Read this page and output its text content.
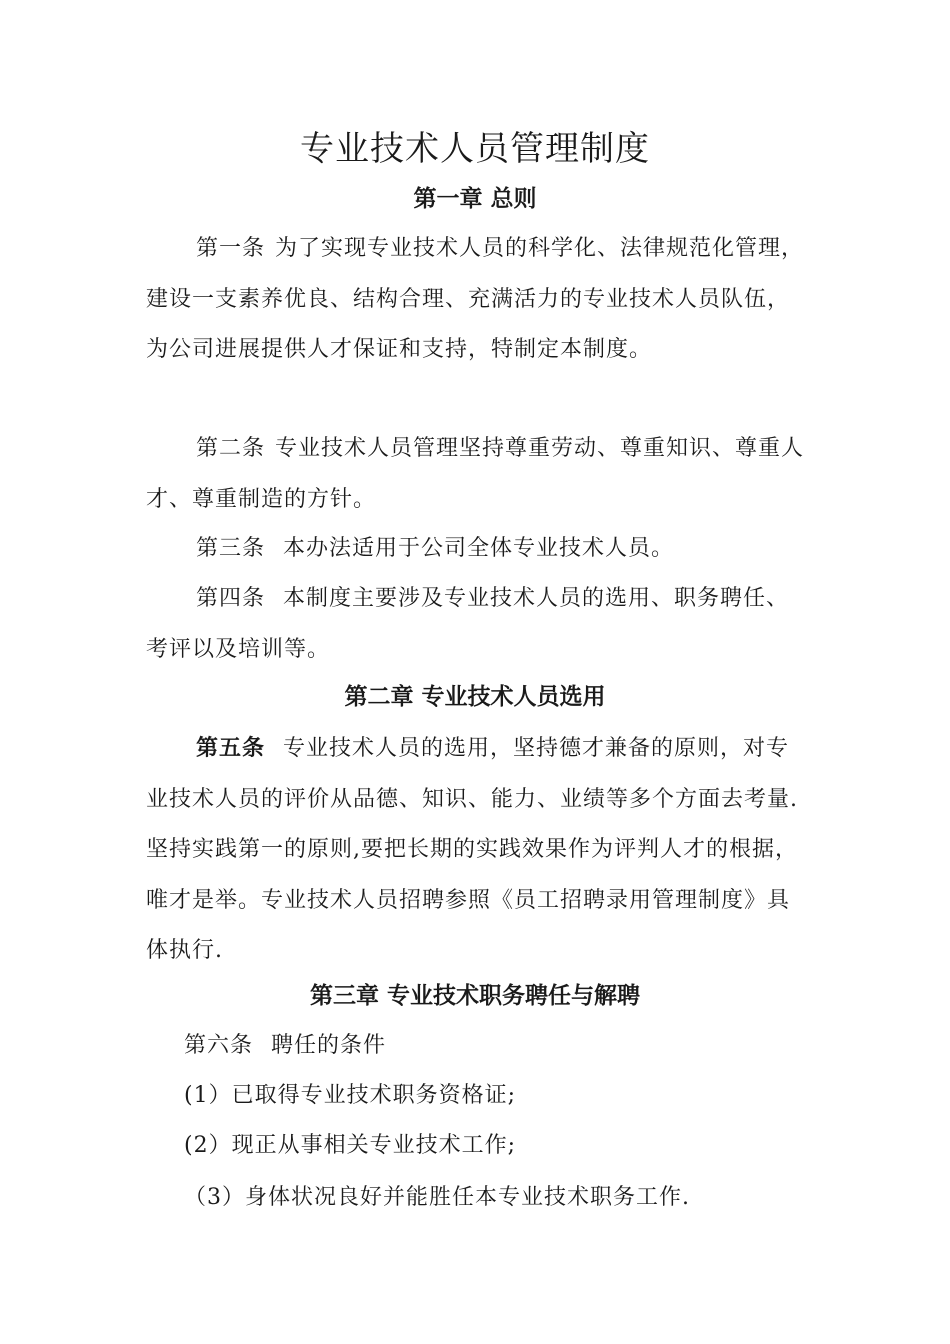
专业技术人员管理制度
第一章 总则

第一条 为了实现专业技术人员的科学化、法律规范化管理，建设一支素养优良、结构合理、充满活力的专业技术人员队伍，为公司进展提供人才保证和支持，特制定本制度。

第二条 专业技术人员管理坚持尊重劳动、尊重知识、尊重人才、尊重制造的方针。

第三条 本办法适用于公司全体专业技术人员。

第四条 本制度主要涉及专业技术人员的选用、职务聘任、考评以及培训等。

第二章 专业技术人员选用

第五条 专业技术人员的选用，坚持德才兼备的原则，对专业技术人员的评价从品德、知识、能力、业绩等多个方面去考量.坚持实践第一的原则,要把长期的实践效果作为评判人才的根据，唯才是举。专业技术人员招聘参照《员工招聘录用管理制度》具体执行.

第三章 专业技术职务聘任与解聘

第六条 聘任的条件

(1）已取得专业技术职务资格证;

(2）现正从事相关专业技术工作;

（3）身体状况良好并能胜任本专业技术职务工作.
